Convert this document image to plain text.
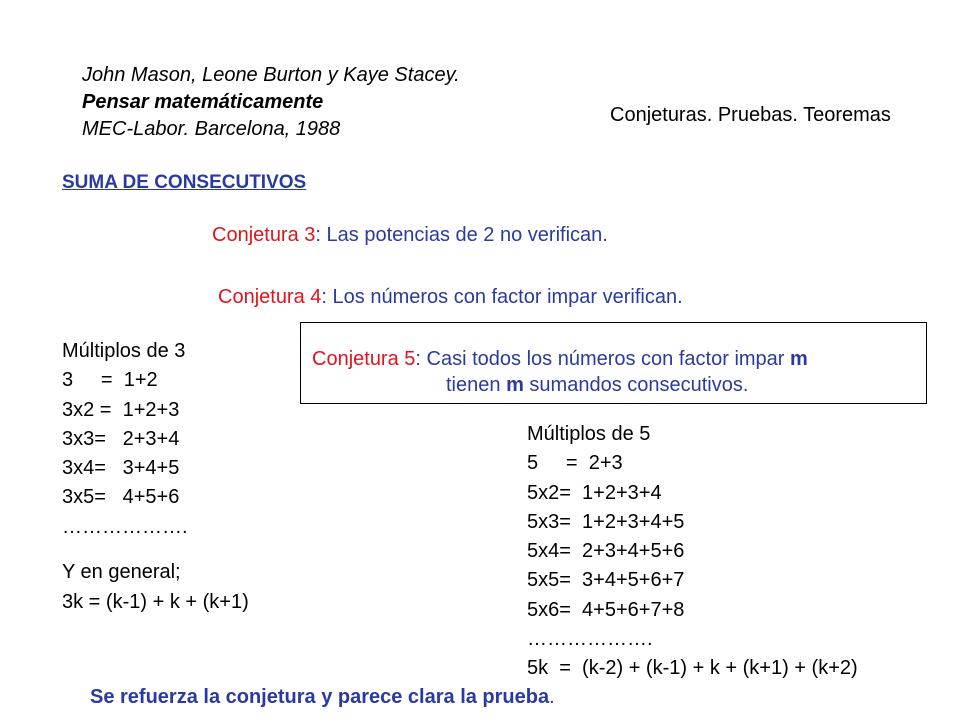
John Mason, Leone Burton y Kaye Stacey.
Pensar matemáticamente
MEC-Labor. Barcelona, 1988
Conjeturas. Pruebas. Teoremas
SUMA DE CONSECUTIVOS
Conjetura 3: Las potencias de 2 no verifican.
Conjetura 4: Los números con factor impar verifican.
Conjetura 5: Casi todos los números con factor impar m
tienen m sumandos consecutivos.
Múltiplos de 3
3     =  1+2
3x2 =  1+2+3
3x3=   2+3+4
3x4=   3+4+5
3x5=   4+5+6
……………….
Y en general;
3k = (k-1) + k + (k+1)
Múltiplos de 5
5     =  2+3
5x2=  1+2+3+4
5x3=  1+2+3+4+5
5x4=  2+3+4+5+6
5x5=  3+4+5+6+7
5x6=  4+5+6+7+8
……………….
5k  =  (k-2) + (k-1) + k + (k+1) + (k+2)
Se refuerza la conjetura y parece clara la prueba.
